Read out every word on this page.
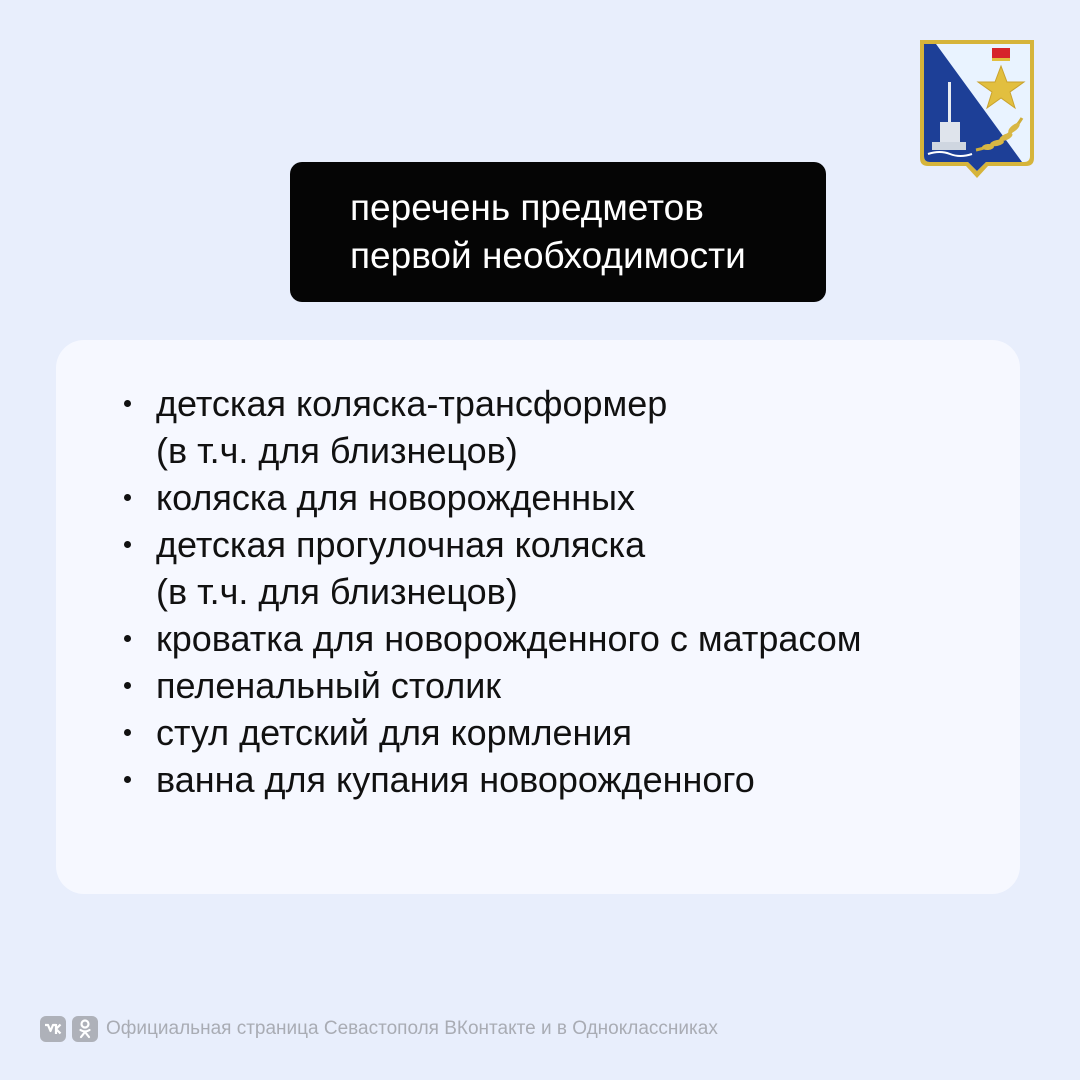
перечень предметов
первой необходимости
детская коляска-трансформер
(в т.ч. для близнецов)
коляска для новорожденных
детская прогулочная коляска
(в т.ч. для близнецов)
кроватка для новорожденного с матрасом
пеленальный столик
стул детский для кормления
ванна для купания новорожденного
Официальная страница Севастополя ВКонтакте и в Одноклассниках
